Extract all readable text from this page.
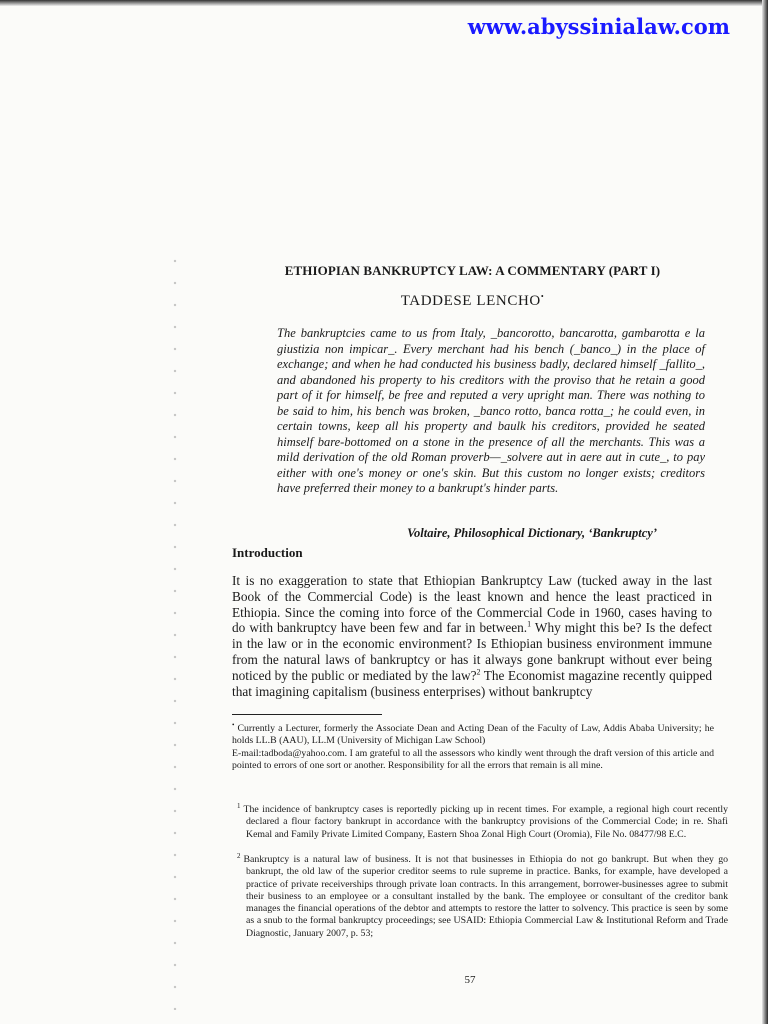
www.abyssinialaw.com
ETHIOPIAN BANKRUPTCY LAW: A COMMENTARY (PART I)
TADDESE LENCHO•
The bankruptcies came to us from Italy, _bancorotto, bancarotta, gambarotta e la giustizia non impicar_. Every merchant had his bench (_banco_) in the place of exchange; and when he had conducted his business badly, declared himself _fallito_, and abandoned his property to his creditors with the proviso that he retain a good part of it for himself, be free and reputed a very upright man. There was nothing to be said to him, his bench was broken, _banco rotto, banca rotta_; he could even, in certain towns, keep all his property and baulk his creditors, provided he seated himself bare-bottomed on a stone in the presence of all the merchants. This was a mild derivation of the old Roman proverb—_solvere aut in aere aut in cute_, to pay either with one's money or one's skin. But this custom no longer exists; creditors have preferred their money to a bankrupt's hinder parts.
Voltaire, Philosophical Dictionary, ‘Bankruptcy’
Introduction
It is no exaggeration to state that Ethiopian Bankruptcy Law (tucked away in the last Book of the Commercial Code) is the least known and hence the least practiced in Ethiopia. Since the coming into force of the Commercial Code in 1960, cases having to do with bankruptcy have been few and far in between.$^1$ Why might this be? Is the defect in the law or in the economic environment? Is Ethiopian business environment immune from the natural laws of bankruptcy or has it always gone bankrupt without ever being noticed by the public or mediated by the law?$^2$ The Economist magazine recently quipped that imagining capitalism (business enterprises) without bankruptcy
• Currently a Lecturer, formerly the Associate Dean and Acting Dean of the Faculty of Law, Addis Ababa University; he holds LL.B (AAU), LL.M (University of Michigan Law School)
E-mail:tadboda@yahoo.com. I am grateful to all the assessors who kindly went through the draft version of this article and pointed to errors of one sort or another. Responsibility for all the errors that remain is all mine.
$^1$ The incidence of bankruptcy cases is reportedly picking up in recent times. For example, a regional high court recently declared a flour factory bankrupt in accordance with the bankruptcy provisions of the Commercial Code; in re. Shafi Kemal and Family Private Limited Company, Eastern Shoa Zonal High Court (Oromia), File No. 08477/98 E.C.
$^2$ Bankruptcy is a natural law of business. It is not that businesses in Ethiopia do not go bankrupt. But when they go bankrupt, the old law of the superior creditor seems to rule supreme in practice. Banks, for example, have developed a practice of private receiverships through private loan contracts. In this arrangement, borrower-businesses agree to submit their business to an employee or a consultant installed by the bank. The employee or consultant of the creditor bank manages the financial operations of the debtor and attempts to restore the latter to solvency. This practice is seen by some as a snub to the formal bankruptcy proceedings; see USAID: Ethiopia Commercial Law & Institutional Reform and Trade Diagnostic, January 2007, p. 53;
57
